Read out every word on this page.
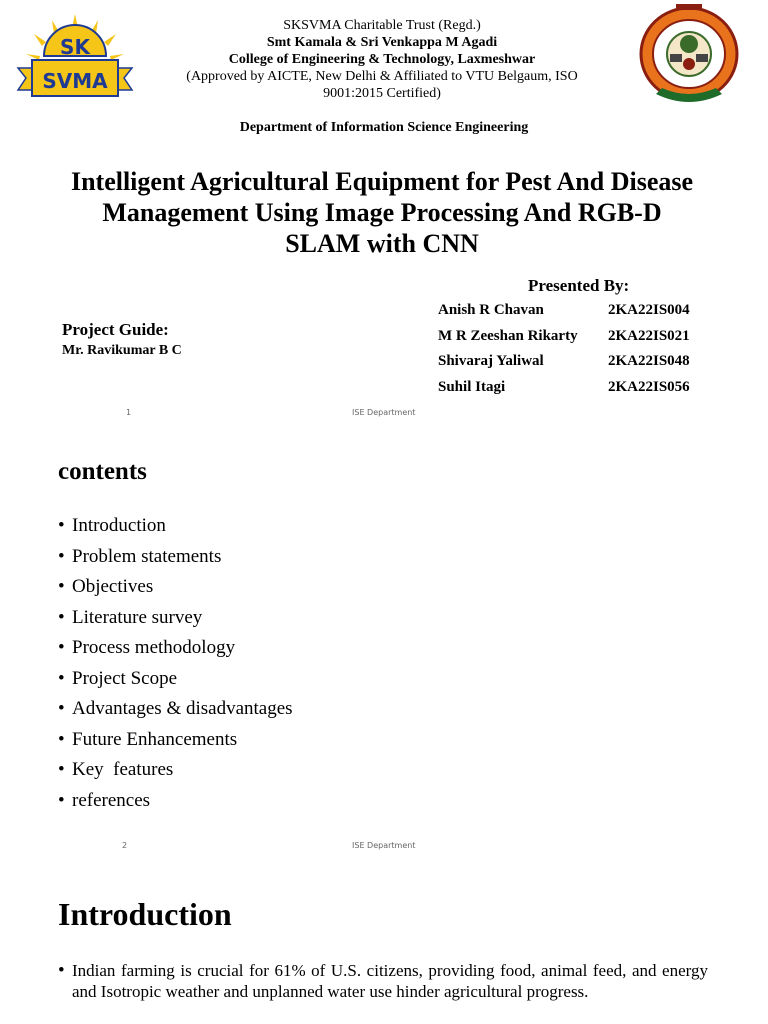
SK
SVMA
SKSVMA Charitable Trust (Regd.)
Smt Kamala & Sri Venkappa M Agadi
College of Engineering & Technology, Laxmeshwar
(Approved by AICTE, New Delhi & Affiliated to VTU Belgaum, ISO
9001:2015 Certified)
Department of Information Science Engineering
Intelligent Agricultural Equipment for Pest And Disease
Management Using Image Processing And RGB-D
SLAM with CNN
Presented By:
Anish R Chavan	2KA22IS004
M R Zeeshan Rikarty	2KA22IS021
Shivaraj Yaliwal	2KA22IS048
Suhil Itagi	2KA22IS056
Project Guide:
Mr. Ravikumar B C
1	ISE Department
contents
• Introduction
• Problem statements
• Objectives
• Literature survey
• Process methodology
• Project Scope
• Advantages & disadvantages
• Future Enhancements
• Key  features
• references
2	ISE Department
Introduction
• Indian farming is crucial for 61% of U.S. citizens, providing food, animal feed, and energy and Isotropic weather and unplanned water use hinder agricultural progress.
